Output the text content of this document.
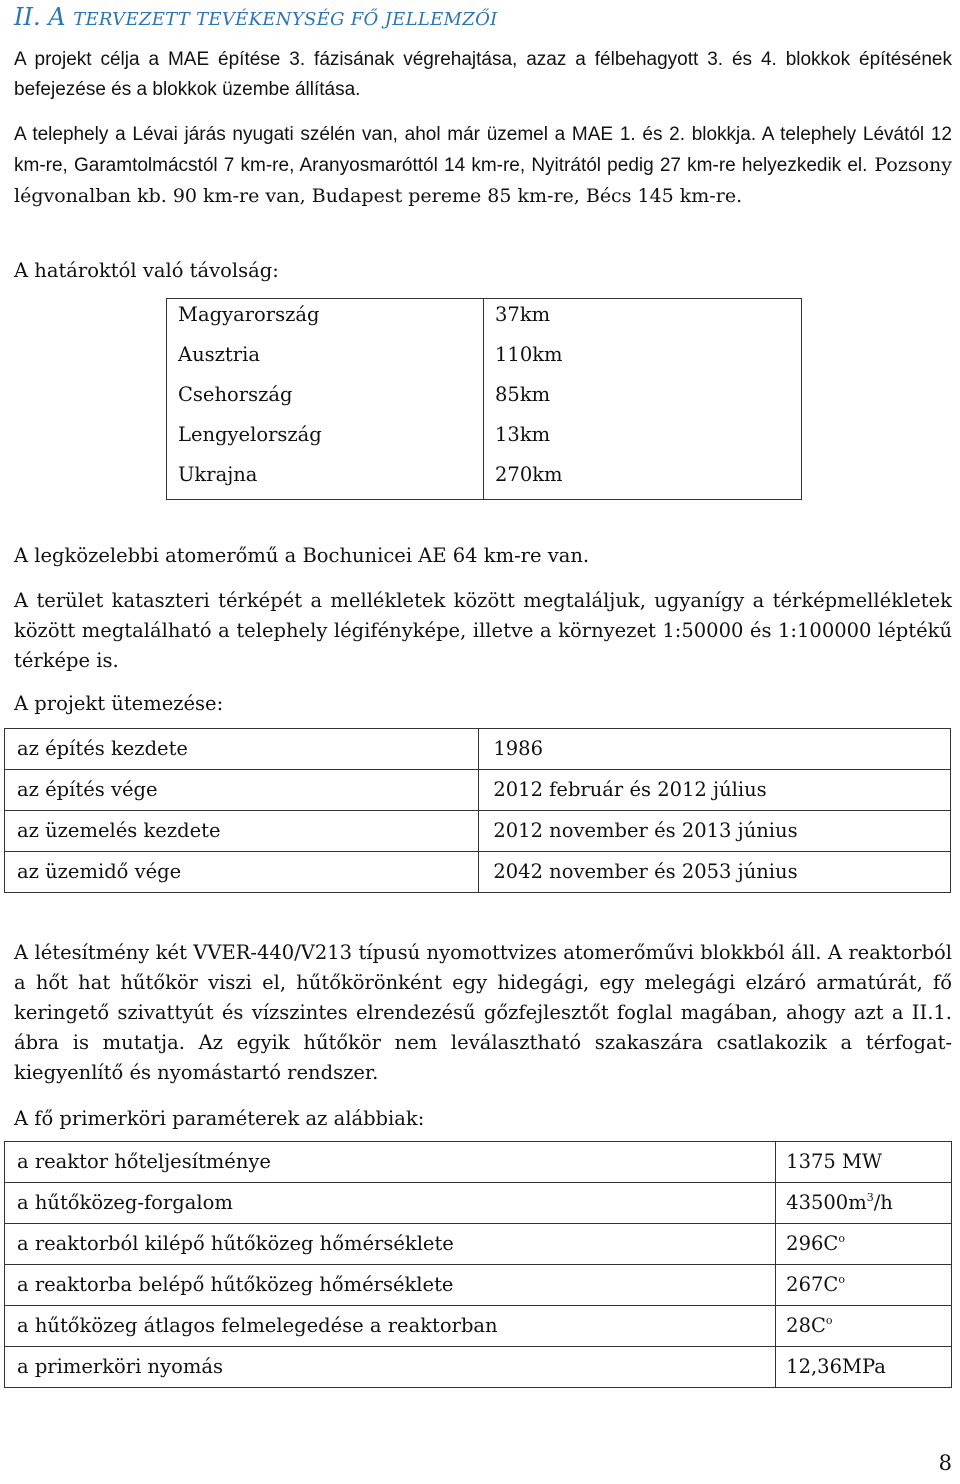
II. A TERVEZETT TEVÉKENYSÉG FŐ JELLEMZŐI

A projekt célja a MAE építése 3. fázisának végrehajtása, azaz a félbehagyott 3. és 4. blokkok építésének befejezése és a blokkok üzembe állítása.

A telephely a Lévai járás nyugati szélén van, ahol már üzemel a MAE 1. és 2. blokkja. A telephely Lévától 12 km-re, Garamtolmácstól 7 km-re, Aranyosmaróttól 14 km-re, Nyitrától pedig 27 km-re helyezkedik el. Pozsony légvonalban kb. 90 km-re van, Budapest pereme 85 km-re, Bécs 145 km-re.

A határoktól való távolság:

Magyarország	37km
Ausztria	110km
Csehország	85km
Lengyelország	13km
Ukrajna	270km

A legközelebbi atomerőmű a Bochunicei AE 64 km-re van.

A terület kataszteri térképét a mellékletek között megtaláljuk, ugyanígy a térképmellékletek között megtalálható a telephely légifényképe, illetve a környezet 1:50000 és 1:100000 léptékű térképe is.

A projekt ütemezése:

az építés kezdete	1986
az építés vége	2012 február és 2012 július
az üzemelés kezdete	2012 november és 2013 június
az üzemidő vége	2042 november és 2053 június

A létesítmény két VVER-440/V213 típusú nyomottvizes atomerőművi blokkból áll. A reaktorból a hőt hat hűtőkör viszi el, hűtőkörönként egy hidegági, egy melegági elzáró armatúrát, fő keringető szivattyút és vízszintes elrendezésű gőzfejlesztőt foglal magában, ahogy azt a II.1. ábra is mutatja. Az egyik hűtőkör nem leválasztható szakaszára csatlakozik a térfogat-kiegyenlítő és nyomástartó rendszer.

A fő primerköri paraméterek az alábbiak:

a reaktor hőteljesítménye	1375 MW
a hűtőközeg-forgalom	$43500m^3/h$
a reaktorból kilépő hűtőközeg hőmérséklete	$296C^o$
a reaktorba belépő hűtőközeg hőmérséklete	$267C^o$
a hűtőközeg átlagos felmelegedése a reaktorban	$28C^o$
a primerköri nyomás	12,36MPa
8
